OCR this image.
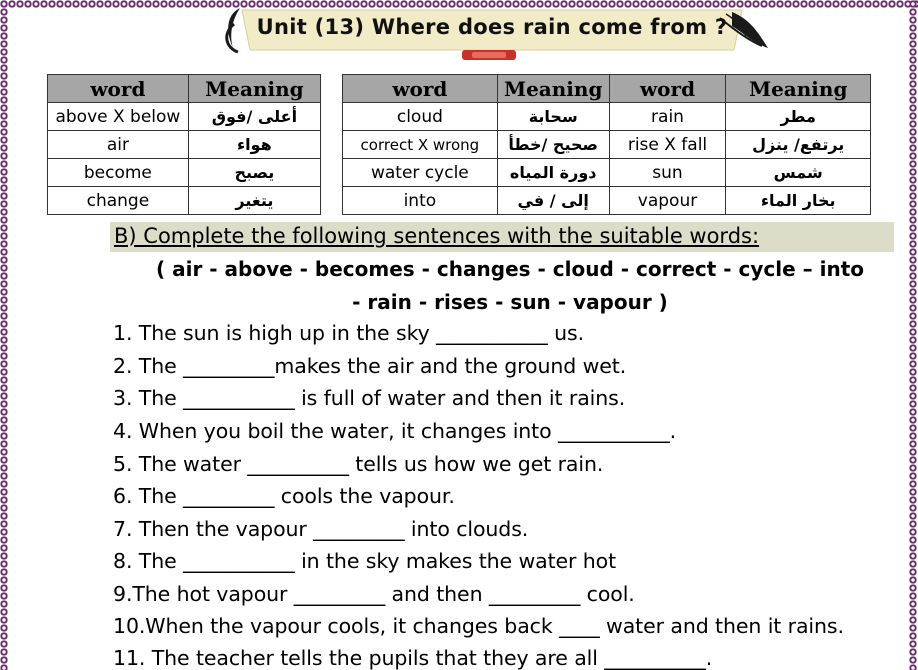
Unit (13) Where does rain come from ?
word	Meaning
above X below	أعلى /فوق
air	هواء
become	يصبح
change	يتغير
word	Meaning	word	Meaning
cloud	سحابة	rain	مطر
correct X wrong	صحيح /خطأ	rise X fall	يرتفع/ ينزل
water cycle	دورة المياه	sun	شمس
into	إلى / في	vapour	بخار الماء
B) Complete the following sentences with the suitable words:
( air - above - becomes - changes - cloud - correct - cycle – into
- rain - rises - sun - vapour )
1. The sun is high up in the sky ___________ us.
2. The _________makes the air and the ground wet.
3. The ___________ is full of water and then it rains.
4. When you boil the water, it changes into ___________.
5. The water __________ tells us how we get rain.
6. The _________ cools the vapour.
7. Then the vapour _________ into clouds.
8. The ___________ in the sky makes the water hot
9.The hot vapour _________ and then _________ cool.
10.When the vapour cools, it changes back ____ water and then it rains.
11. The teacher tells the pupils that they are all __________.
